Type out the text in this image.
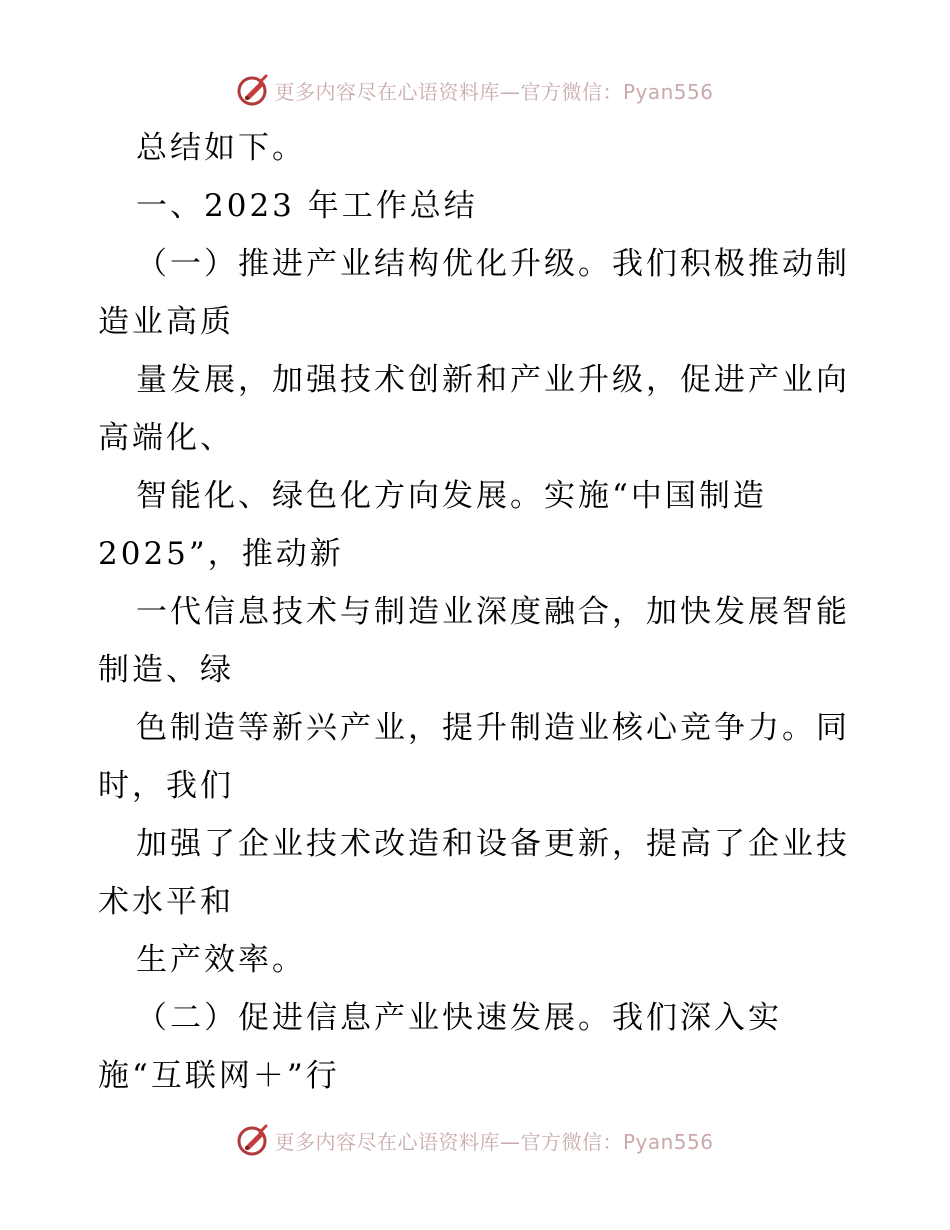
更多内容尽在心语资料库—官方微信：Pyan556
总结如下。
一、2023 年工作总结
（一）推进产业结构优化升级。我们积极推动制
造业高质
量发展，加强技术创新和产业升级，促进产业向
高端化、
智能化、绿色化方向发展。实施“中国制造
2025”，推动新
一代信息技术与制造业深度融合，加快发展智能
制造、绿
色制造等新兴产业，提升制造业核心竞争力。同
时，我们
加强了企业技术改造和设备更新，提高了企业技
术水平和
生产效率。
（二）促进信息产业快速发展。我们深入实
施“互联网＋”行
更多内容尽在心语资料库—官方微信：Pyan556
